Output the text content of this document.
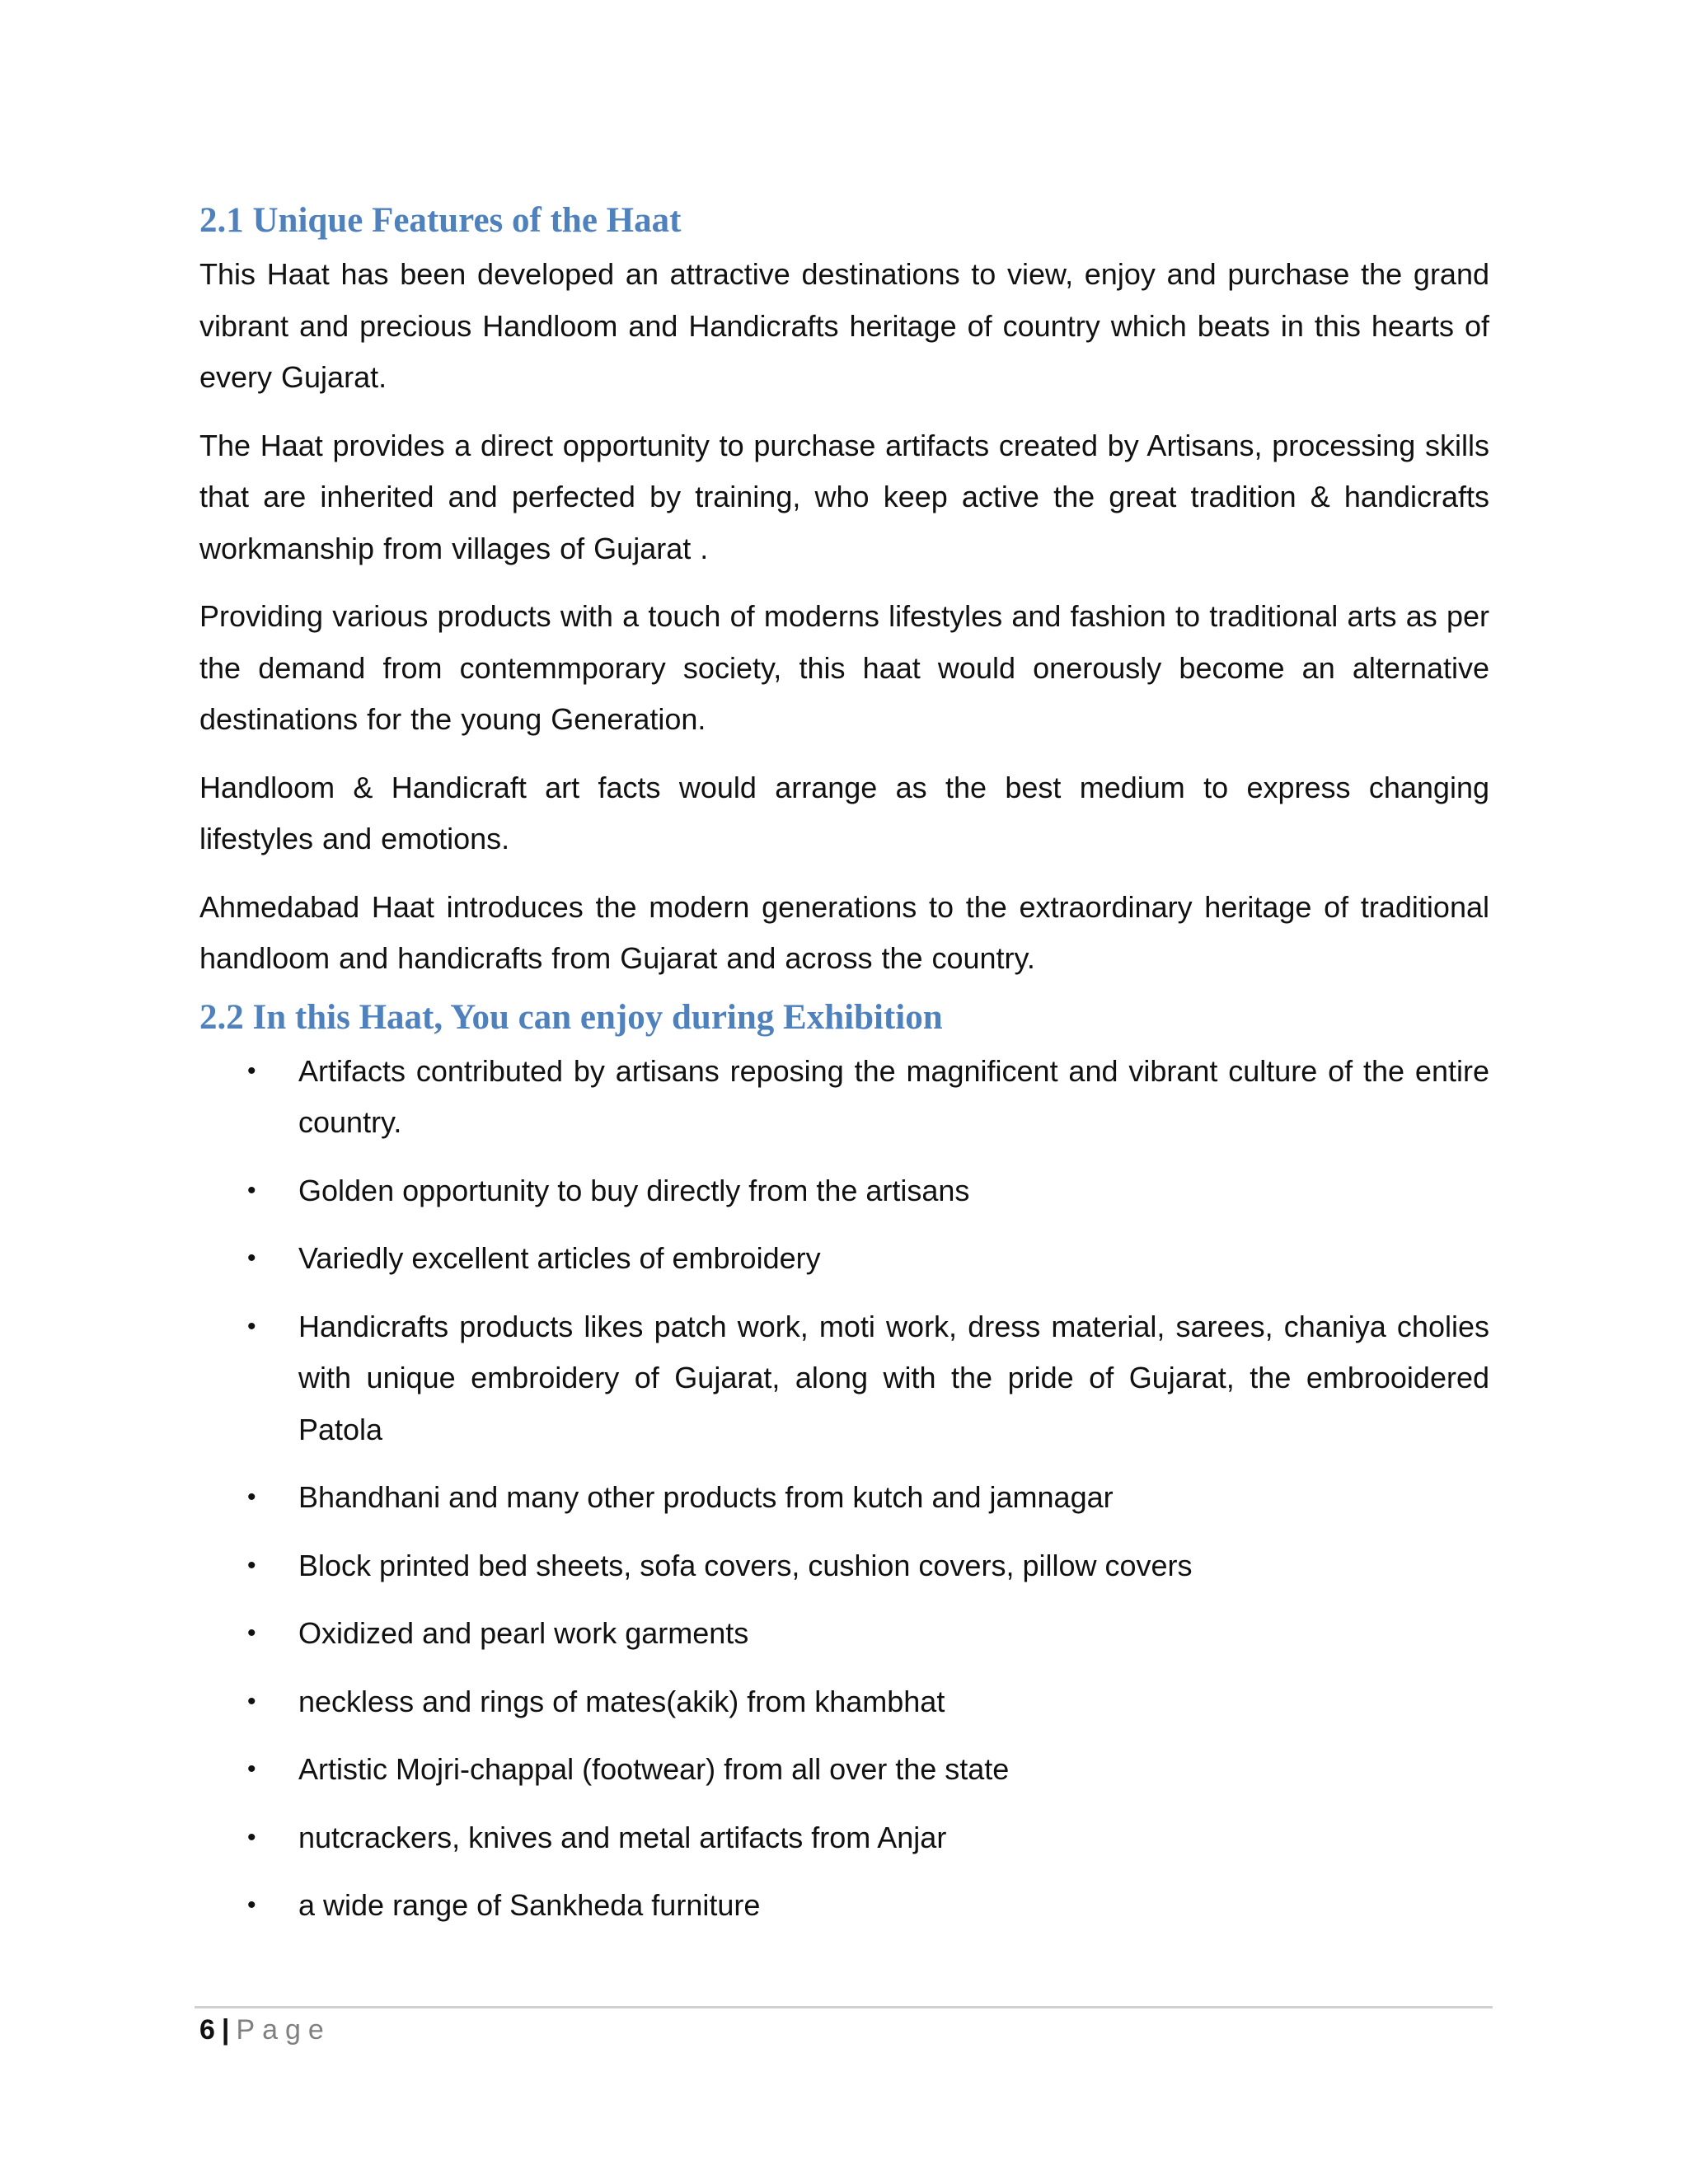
2.1 Unique Features of the Haat

This Haat has been developed an attractive destinations to view, enjoy and purchase the grand vibrant and precious Handloom and Handicrafts heritage of country which beats in this hearts of every Gujarat.

The Haat provides a direct opportunity to purchase artifacts created by Artisans, processing skills that are inherited and perfected by training, who keep active the great tradition & handicrafts workmanship from villages of Gujarat .

Providing various products with a touch of moderns lifestyles and fashion to traditional arts as per the demand from contemmporary society, this haat would onerously become an alternative destinations for the young Generation.

Handloom & Handicraft art facts would arrange as the best medium to express changing lifestyles and emotions.

Ahmedabad Haat introduces the modern generations to the extraordinary heritage of traditional handloom and handicrafts from Gujarat and across the country.

2.2 In this Haat, You can enjoy during Exhibition
• Artifacts contributed by artisans reposing the magnificent and vibrant culture of the entire country.
• Golden opportunity to buy directly from the artisans
• Variedly excellent articles of embroidery
• Handicrafts products likes patch work, moti work, dress material, sarees, chaniya cholies with unique embroidery of Gujarat, along with the pride of Gujarat, the embrooidered Patola
• Bhandhani and many other products from kutch and jamnagar
• Block printed bed sheets, sofa covers, cushion covers, pillow covers
• Oxidized and pearl work garments
• neckless and rings of mates(akik) from khambhat
• Artistic Mojri-chappal (footwear) from all over the state
• nutcrackers, knives and metal artifacts from Anjar
• a wide range of Sankheda furniture
6 | Page
